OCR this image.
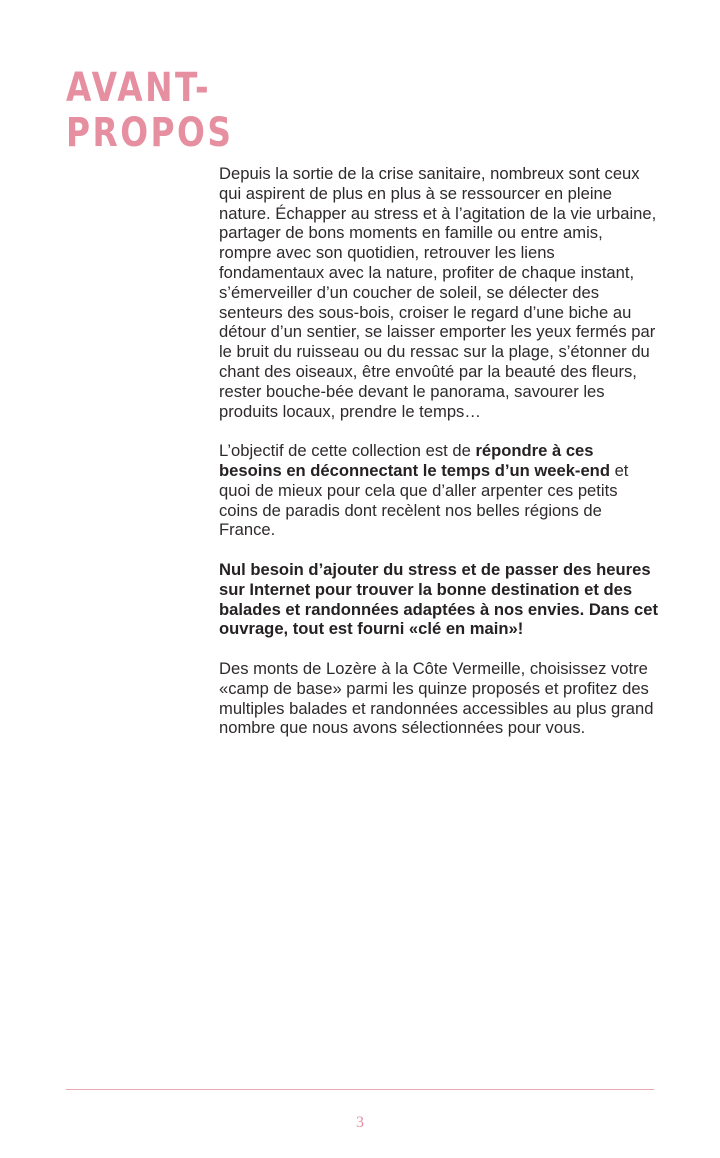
AVANT-
PROPOS

Depuis la sortie de la crise sanitaire, nombreux sont ceux qui aspirent de plus en plus à se ressourcer en pleine nature. Échapper au stress et à l’agitation de la vie urbaine, partager de bons moments en famille ou entre amis, rompre avec son quotidien, retrouver les liens fondamentaux avec la nature, profiter de chaque instant, s’émerveiller d’un coucher de soleil, se délecter des senteurs des sous-bois, croiser le regard d’une biche au détour d’un sentier, se laisser emporter les yeux fermés par le bruit du ruisseau ou du ressac sur la plage, s’étonner du chant des oiseaux, être envoûté par la beauté des fleurs, rester bouche-bée devant le panorama, savourer les produits locaux, prendre le temps…

L’objectif de cette collection est de répondre à ces besoins en déconnectant le temps d’un week-end et quoi de mieux pour cela que d’aller arpenter ces petits coins de paradis dont recèlent nos belles régions de France.

Nul besoin d’ajouter du stress et de passer des heures sur Internet pour trouver la bonne destination et des balades et randonnées adaptées à nos envies. Dans cet ouvrage, tout est fourni «clé en main»!

Des monts de Lozère à la Côte Vermeille, choisissez votre «camp de base» parmi les quinze proposés et profitez des multiples balades et randonnées accessibles au plus grand nombre que nous avons sélectionnées pour vous.

3
